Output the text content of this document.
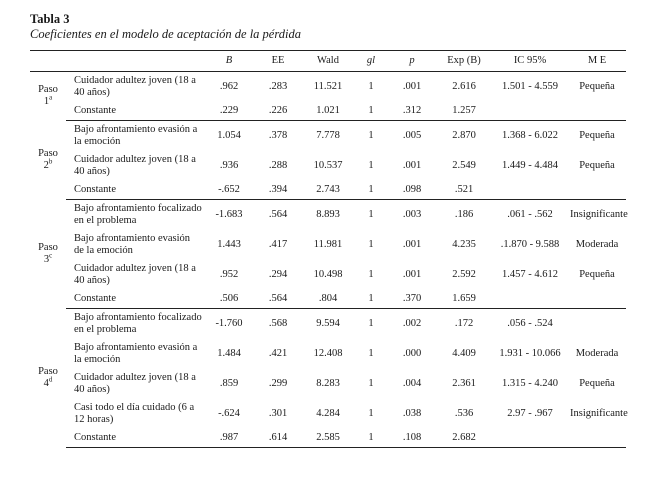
Tabla 3
Coeficientes en el modelo de aceptación de la pérdida
		B	EE	Wald	gl	p	Exp (B)	IC 95%	M E
Paso
1$^a$	Cuidador adultez joven (18 a 40 años)	.962	.283	11.521	1	.001	2.616	1.501 - 4.559	Pequeña
	Constante	.229	.226	1.021	1	.312	1.257		
Paso
2$^b$	Bajo afrontamiento evasión a la emoción	1.054	.378	7.778	1	.005	2.870	1.368 - 6.022	Pequeña
	Cuidador adultez joven (18 a 40 años)	.936	.288	10.537	1	.001	2.549	1.449 - 4.484	Pequeña
	Constante	-.652	.394	2.743	1	.098	.521		
Paso
3$^c$	Bajo afrontamiento focalizado en el problema	-1.683	.564	8.893	1	.003	.186	.061 - .562	Insignificante
	Bajo afrontamiento evasión de la emoción	1.443	.417	11.981	1	.001	4.235	.1.870 - 9.588	Moderada
	Cuidador adultez joven (18 a 40 años)	.952	.294	10.498	1	.001	2.592	1.457 - 4.612	Pequeña
	Constante	.506	.564	.804	1	.370	1.659		
Paso
4$^d$	Bajo afrontamiento focalizado en el problema	-1.760	.568	9.594	1	.002	.172	.056 - .524	
	Bajo afrontamiento evasión a la emoción	1.484	.421	12.408	1	.000	4.409	1.931 - 10.066	Moderada
	Cuidador adultez joven (18 a 40 años)	.859	.299	8.283	1	.004	2.361	1.315 - 4.240	Pequeña
	Casi todo el día cuidado (6 a 12 horas)	-.624	.301	4.284	1	.038	.536	2.97 - .967	Insignificante
	Constante	.987	.614	2.585	1	.108	2.682		
